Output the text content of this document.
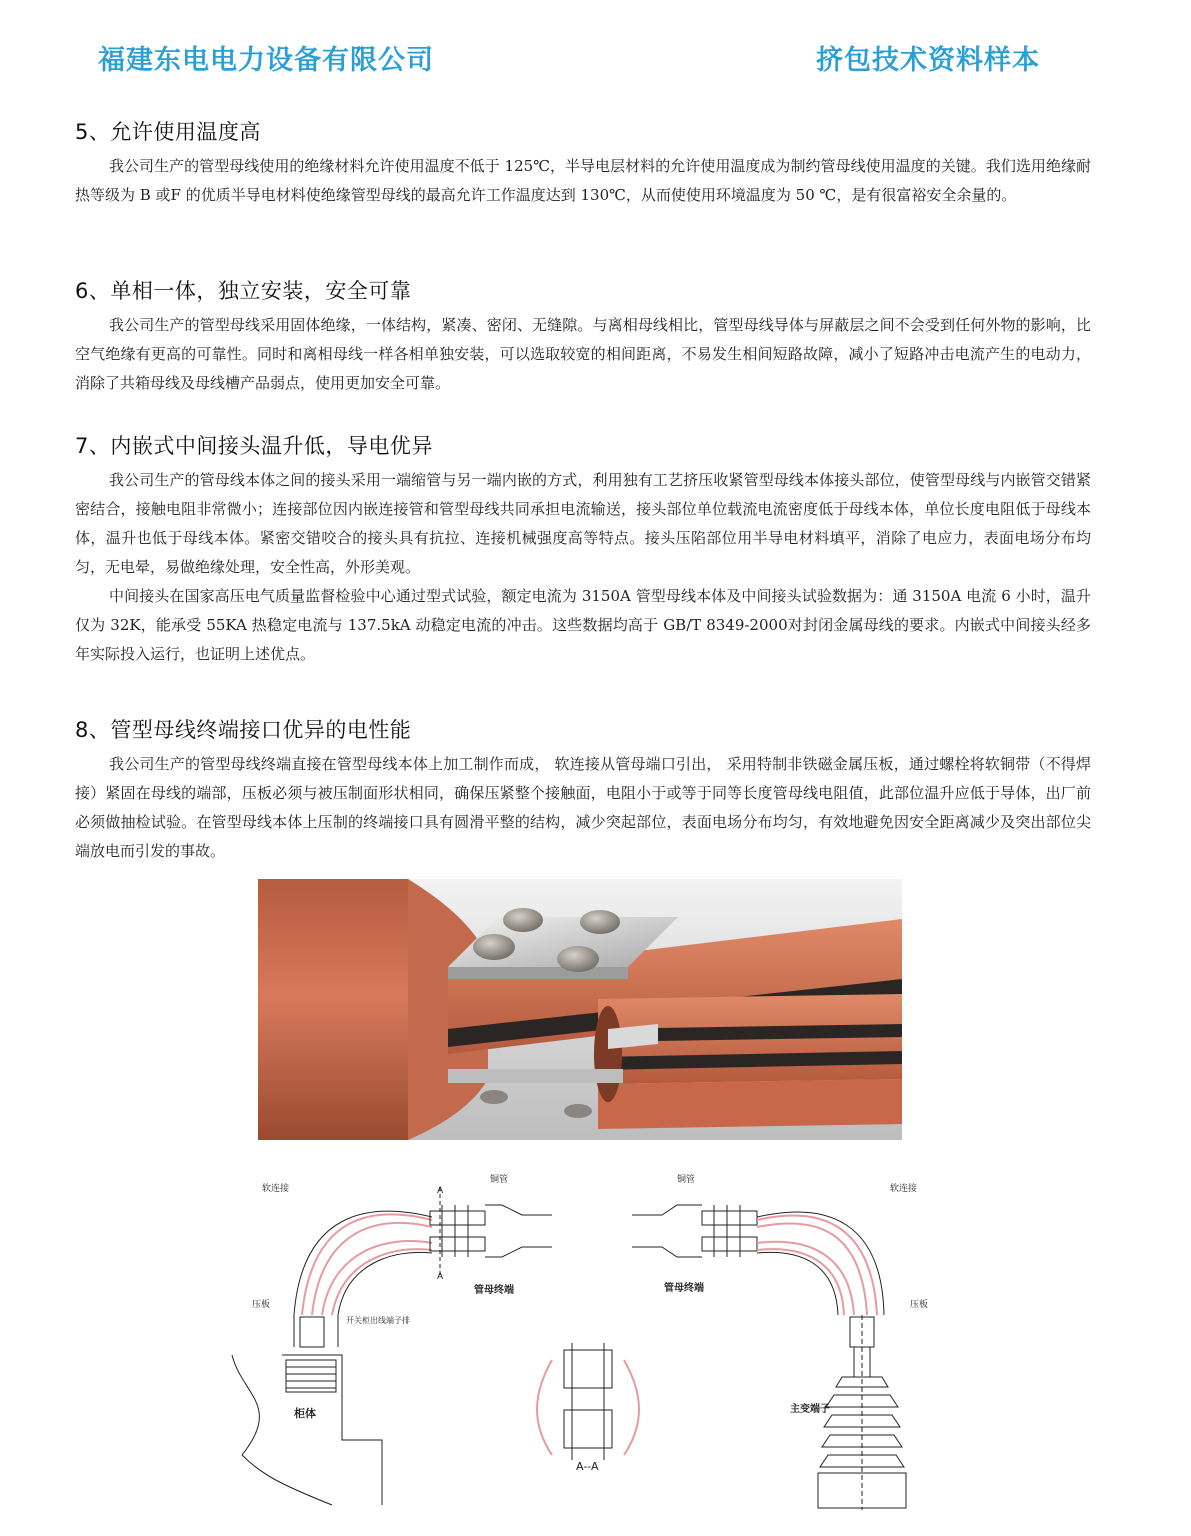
福建东电电力设备有限公司	挤包技术资料样本
5、允许使用温度高

我公司生产的管型母线使用的绝缘材料允许使用温度不低于 125℃，半导电层材料的允许使用温度成为制约管母线使用温度的关键。我们选用绝缘耐热等级为 B 或F 的优质半导电材料使绝缘管型母线的最高允许工作温度达到 130℃，从而使使用环境温度为 50 ℃，是有很富裕安全余量的。

6、单相一体，独立安装，安全可靠

我公司生产的管型母线采用固体绝缘，一体结构，紧凑、密闭、无缝隙。与离相母线相比，管型母线导体与屏蔽层之间不会受到任何外物的影响，比空气绝缘有更高的可靠性。同时和离相母线一样各相单独安装，可以选取较宽的相间距离，不易发生相间短路故障，减小了短路冲击电流产生的电动力，消除了共箱母线及母线槽产品弱点，使用更加安全可靠。

7、内嵌式中间接头温升低，导电优异

我公司生产的管母线本体之间的接头采用一端缩管与另一端内嵌的方式，利用独有工艺挤压收紧管型母线本体接头部位，使管型母线与内嵌管交错紧密结合，接触电阻非常微小；连接部位因内嵌连接管和管型母线共同承担电流输送，接头部位单位载流电流密度低于母线本体，单位长度电阻低于母线本体，温升也低于母线本体。紧密交错咬合的接头具有抗拉、连接机械强度高等特点。接头压陷部位用半导电材料填平，消除了电应力，表面电场分布均匀，无电晕，易做绝缘处理，安全性高，外形美观。

中间接头在国家高压电气质量监督检验中心通过型式试验，额定电流为 3150A 管型母线本体及中间接头试验数据为：通 3150A 电流 6 小时，温升仅为 32K，能承受 55KA 热稳定电流与 137.5kA 动稳定电流的冲击。这些数据均高于 GB/T 8349-2000对封闭金属母线的要求。内嵌式中间接头经多年实际投入运行，也证明上述优点。

8、管型母线终端接口优异的电性能

我公司生产的管型母线终端直接在管型母线本体上加工制作而成， 软连接从管母端口引出， 采用特制非铁磁金属压板，通过螺栓将软铜带（不得焊接）紧固在母线的端部，压板必须与被压制面形状相同，确保压紧整个接触面，电阻小于或等于同等长度管母线电阻值，此部位温升应低于导体，出厂前必须做抽检试验。在管型母线本体上压制的终端接口具有圆滑平整的结构，减少突起部位，表面电场分布均匀，有效地避免因安全距离减少及突出部位尖端放电而引发的事故。

软连接
铜管
A
A
管母终端
压板
开关柜出线端子排
柜体
铜管
软连接
管母终端
压板
主变端子
A--A
